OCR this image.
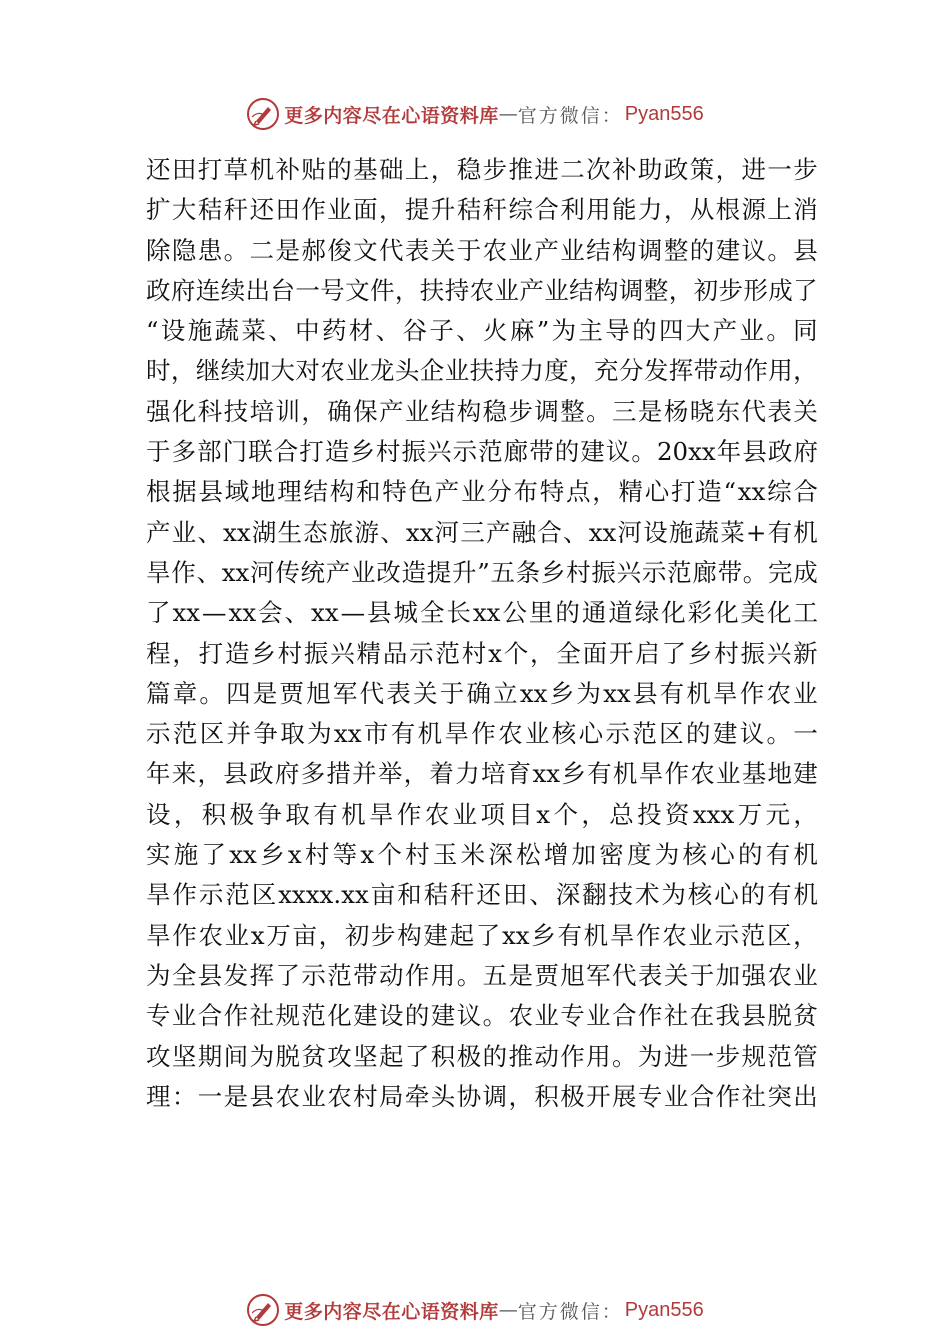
更多内容尽在心语资料库 — 官方微信： Pyan556
还 田 打 草 机 补 贴 的 基 础 上 ， 稳 步 推 进 二 次 补 助 政 策 ， 进 一 步
扩 大 秸 秆 还 田 作 业 面 ， 提 升 秸 秆 综 合 利 用 能 力 ， 从 根 源 上 消
除 隐 患 。 二 是 郝 俊 文 代 表 关 于 农 业 产 业 结 构 调 整 的 建 议 。 县
政 府 连 续 出 台 一 号 文 件 ， 扶 持 农 业 产 业 结 构 调 整 ， 初 步 形 成 了
“ 设 施 蔬 菜 、 中 药 材 、 谷 子 、 火 麻 ” 为 主 导 的 四 大 产 业 。 同
时 ， 继 续 加 大 对 农 业 龙 头 企 业 扶 持 力 度 ， 充 分 发 挥 带 动 作 用 ，
强 化 科 技 培 训 ， 确 保 产 业 结 构 稳 步 调 整 。 三 是 杨 晓 东 代 表 关
于 多 部 门 联 合 打 造 乡 村 振 兴 示 范 廊 带 的 建 议 。 20xx 年 县 政 府
根 据 县 域 地 理 结 构 和 特 色 产 业 分 布 特 点 ， 精 心 打 造 “ xx 综 合
产 业 、 xx 湖 生 态 旅 游 、 xx 河 三 产 融 合 、 xx 河 设 施 蔬 菜 + 有 机
旱 作 、 xx 河 传 统 产 业 改 造 提 升 ” 五 条 乡 村 振 兴 示 范 廊 带 。 完 成
了 xx — xx 会 、 xx — 县 城 全 长 xx 公 里 的 通 道 绿 化 彩 化 美 化 工
程 ， 打 造 乡 村 振 兴 精 品 示 范 村 x 个 ， 全 面 开 启 了 乡 村 振 兴 新
篇 章 。 四 是 贾 旭 军 代 表 关 于 确 立 xx 乡 为 xx 县 有 机 旱 作 农 业
示 范 区 并 争 取 为 xx 市 有 机 旱 作 农 业 核 心 示 范 区 的 建 议 。 一
年 来 ， 县 政 府 多 措 并 举 ， 着 力 培 育 xx 乡 有 机 旱 作 农 业 基 地 建
设 ， 积 极 争 取 有 机 旱 作 农 业 项 目 x 个 ， 总 投 资 xxx 万 元 ，
实 施 了 xx 乡 x 村 等 x 个 村 玉 米 深 松 增 加 密 度 为 核 心 的 有 机
旱 作 示 范 区 xxxx.xx 亩 和 秸 秆 还 田 、 深 翻 技 术 为 核 心 的 有 机
旱 作 农 业 x 万 亩 ， 初 步 构 建 起 了 xx 乡 有 机 旱 作 农 业 示 范 区 ，
为 全 县 发 挥 了 示 范 带 动 作 用 。 五 是 贾 旭 军 代 表 关 于 加 强 农 业
专 业 合 作 社 规 范 化 建 设 的 建 议 。 农 业 专 业 合 作 社 在 我 县 脱 贫
攻 坚 期 间 为 脱 贫 攻 坚 起 了 积 极 的 推 动 作 用 。 为 进 一 步 规 范 管
理 ： 一 是 县 农 业 农 村 局 牵 头 协 调 ， 积 极 开 展 专 业 合 作 社 突 出
更多内容尽在心语资料库 — 官方微信： Pyan556
